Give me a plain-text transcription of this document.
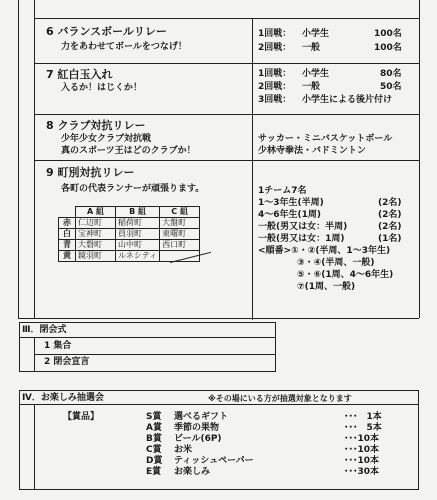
6 バランスボールリレー
力をあわせてボールをつなげ！
1回戦： 小学生	100名
2回戦： 一般	100名
7 紅白玉入れ
入るか！はじくか！
1回戦： 小学生	80名
2回戦： 一般	50名
3回戦： 小学生による後片付け
8 クラブ対抗リレー
少年少女クラブ対抗戦
真のスポーツ王はどのクラブか！
サッカー・ミニバスケットボール
少林寺拳法・バドミントン
9 町別対抗リレー
各町の代表ランナーが頑張ります。
	A 組	B 組	C 組
赤	仁辺町	稲荷町	大盤町
白	宝神町	員羽町	東曙町
青	大磐町	山中町	西口町
黄	鏡羽町	ルネシティ	
1チーム7名
1～3年生(半周)	(2名)
4～6年生(1周)	(2名)
一般(男又は女：半周)	(2名)
一般(男又は女：1周)	(1名)
<順番>①・②(半周、1～3年生)
③・④(半周、一般)
⑤・⑥(1周、4～6年生)
⑦(1周、一般)
Ⅲ．閉会式
1 集合
2 閉会宣言
Ⅳ．お楽しみ抽選会	※その場にいる方が抽選対象となります
【賞品】	S賞 選べるギフト	･･･　1本
A賞 季節の果物	･･･　5本
B賞 ビール(6P)	･･･10本
C賞 お米	･･･10本
D賞 ティッシュペーパー	･･･10本
E賞 お楽しみ	･･･30本
